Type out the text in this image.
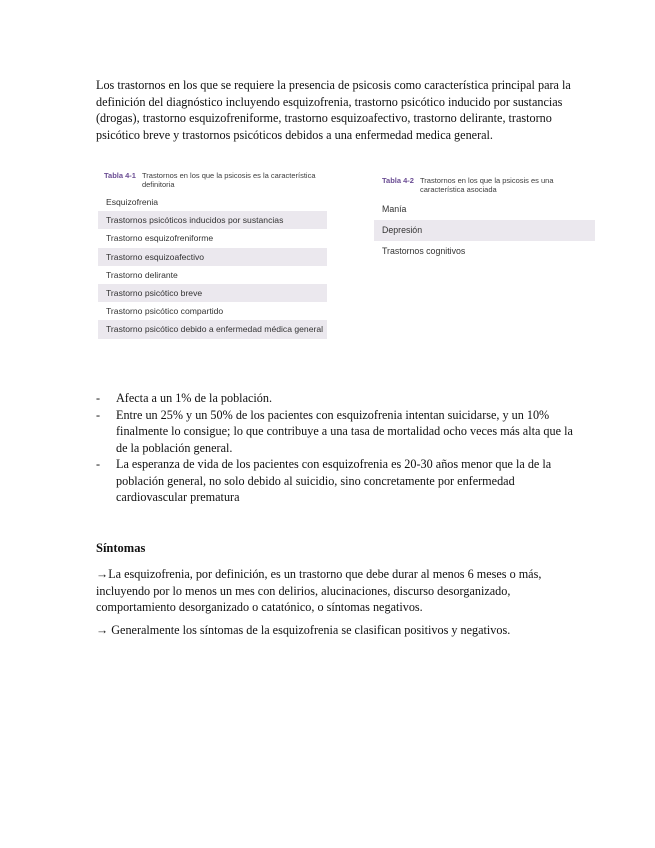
Los trastornos en los que se requiere la presencia de psicosis como característica principal para la definición del diagnóstico incluyendo esquizofrenia, trastorno psicótico inducido por sustancias (drogas), trastorno esquizofreniforme, trastorno esquizoafectivo, trastorno delirante, trastorno psicótico breve y trastornos psicóticos debidos a una enfermedad medica general.

Tabla 4-1 Trastornos en los que la psicosis es la característica definitoria
Esquizofrenia
Trastornos psicóticos inducidos por sustancias
Trastorno esquizofreniforme
Trastorno esquizoafectivo
Trastorno delirante
Trastorno psicótico breve
Trastorno psicótico compartido
Trastorno psicótico debido a enfermedad médica general
Tabla 4-2 Trastornos en los que la psicosis es una característica asociada
Manía
Depresión
Trastornos cognitivos
- Afecta a un 1% de la población.
- Entre un 25% y un 50% de los pacientes con esquizofrenia intentan suicidarse, y un 10% finalmente lo consigue; lo que contribuye a una tasa de mortalidad ocho veces más alta que la de la población general.
- La esperanza de vida de los pacientes con esquizofrenia es 20-30 años menor que la de la población general, no solo debido al suicidio, sino concretamente por enfermedad cardiovascular prematura
Síntomas

→La esquizofrenia, por definición, es un trastorno que debe durar al menos 6 meses o más, incluyendo por lo menos un mes con delirios, alucinaciones, discurso desorganizado, comportamiento desorganizado o catatónico, o síntomas negativos.

→ Generalmente los síntomas de la esquizofrenia se clasifican positivos y negativos.
